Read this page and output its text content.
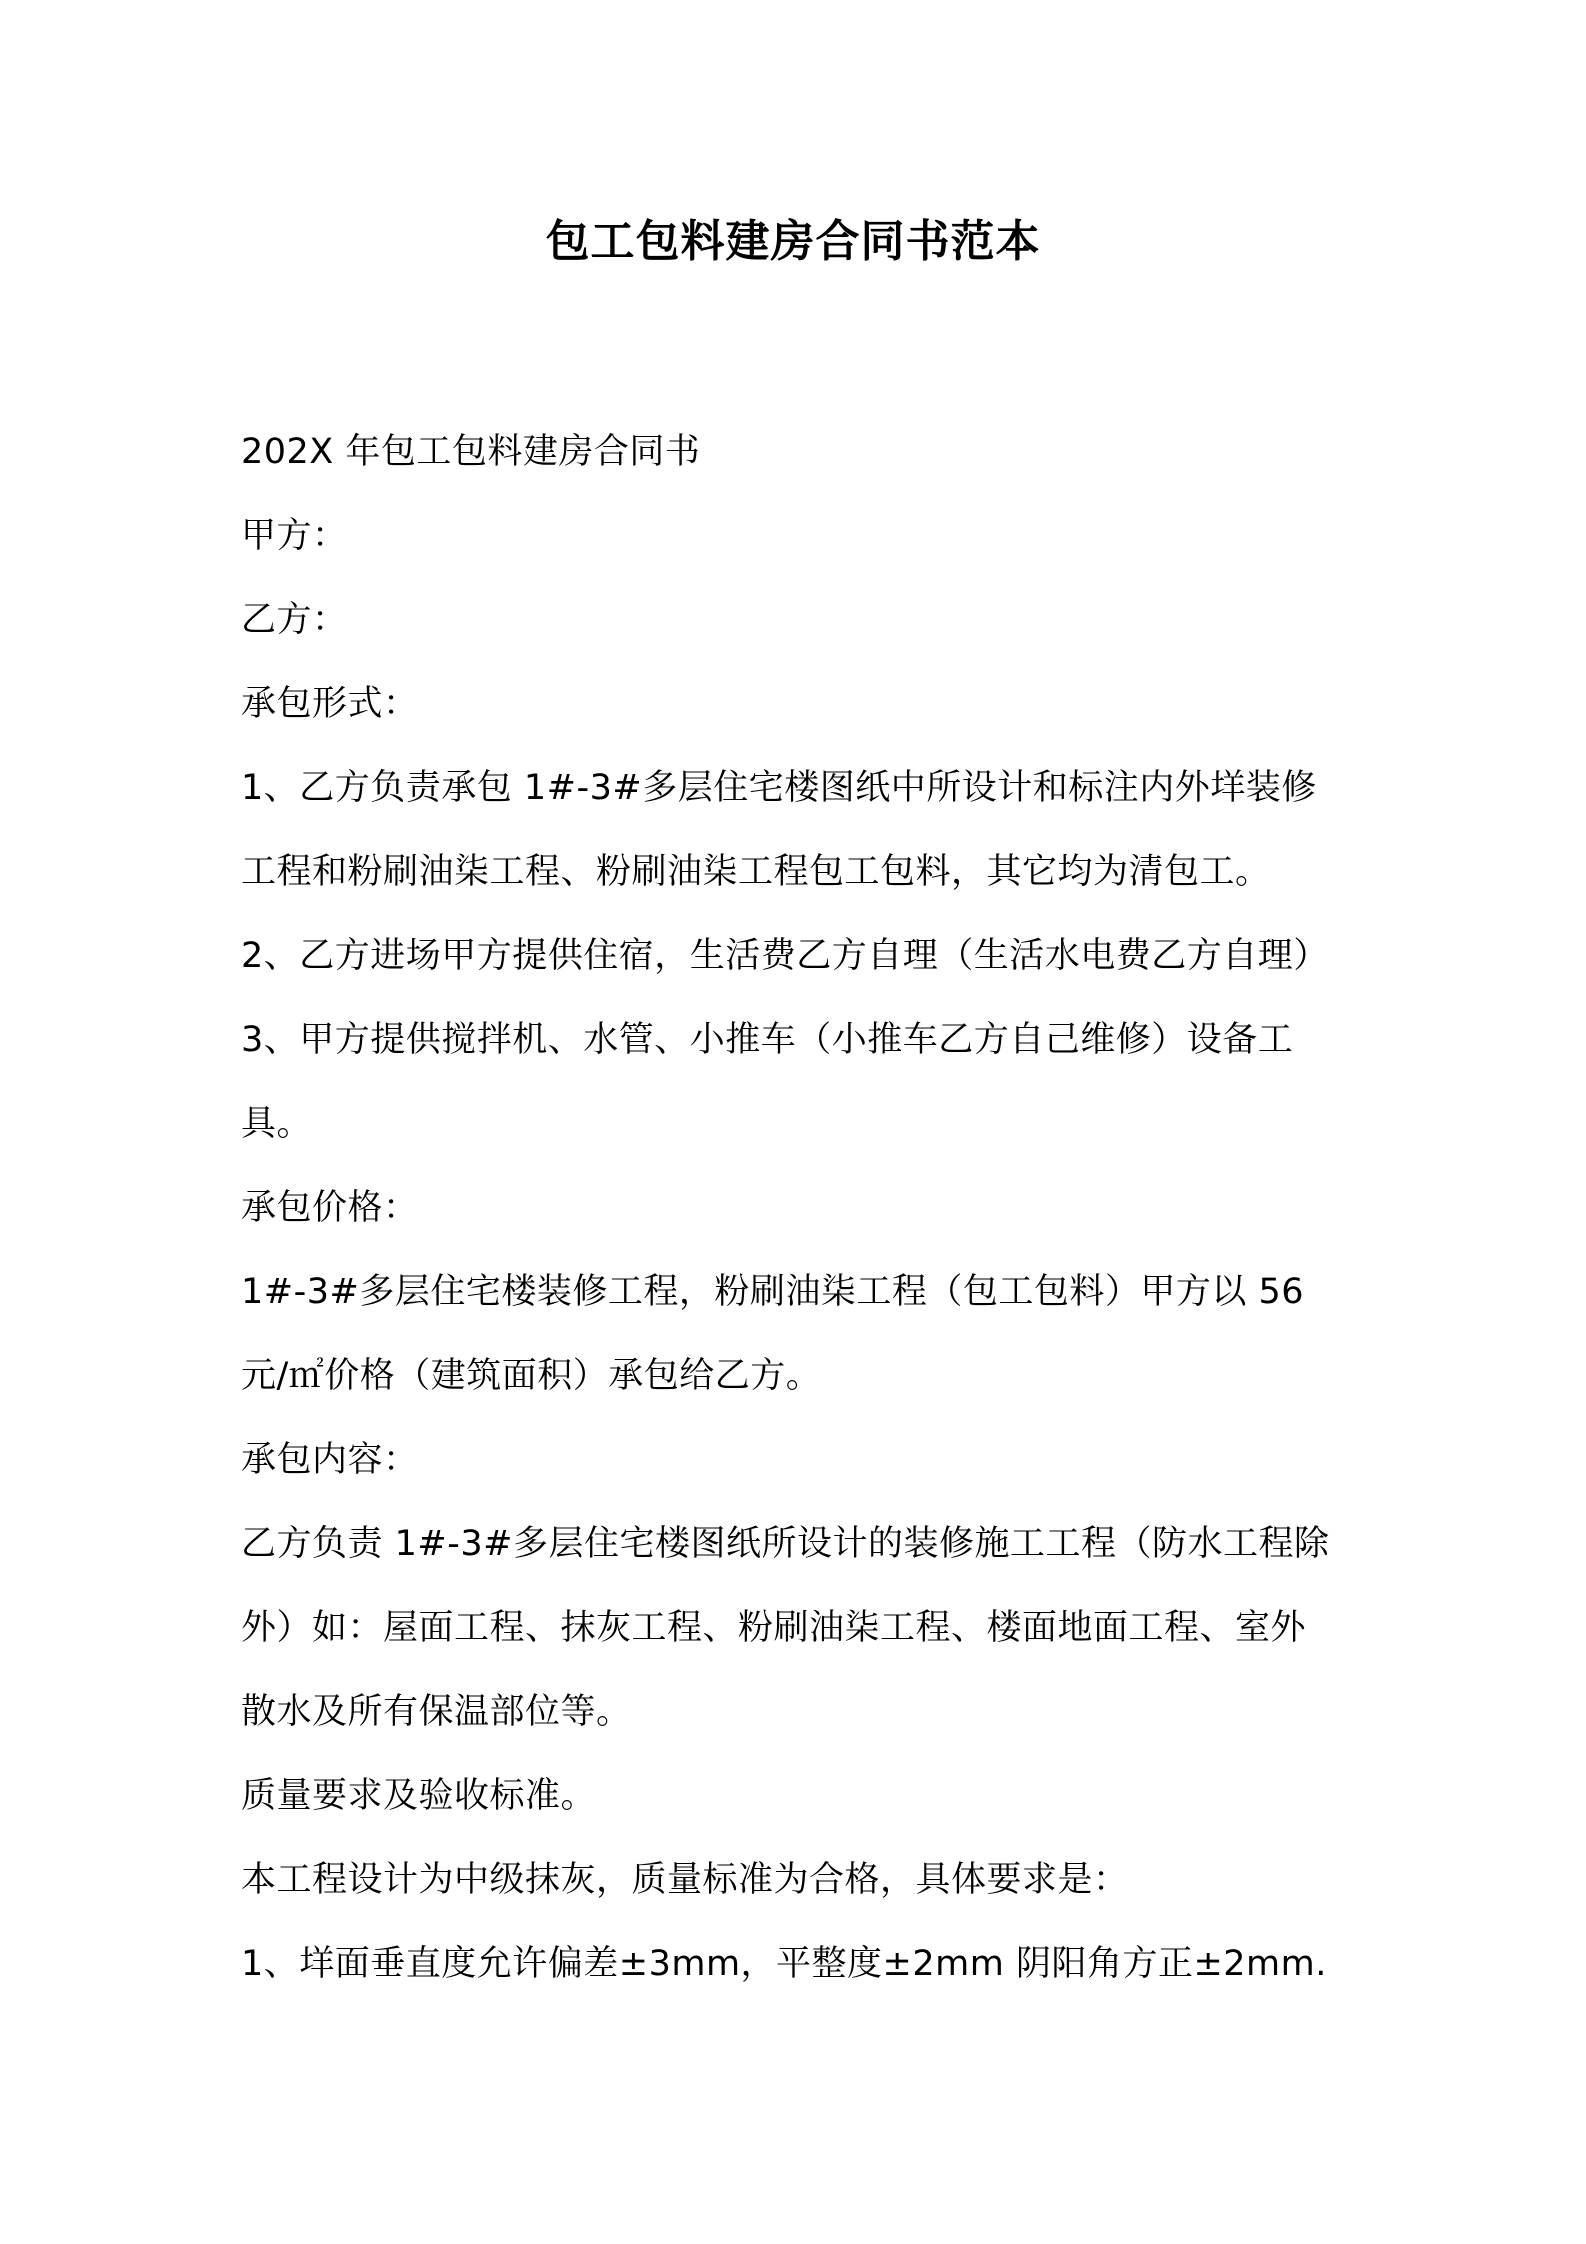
包工包料建房合同书范本
202X 年包工包料建房合同书
甲方：
乙方：
承包形式：
1、乙方负责承包 1#-3#多层住宅楼图纸中所设计和标注内外垟装修
工程和粉刷油柒工程、粉刷油柒工程包工包料，其它均为清包工。
2、乙方进场甲方提供住宿，生活费乙方自理（生活水电费乙方自理）
3、甲方提供搅拌机、水管、小推车（小推车乙方自己维修）设备工
具。
承包价格：
1#-3#多层住宅楼装修工程，粉刷油柒工程（包工包料）甲方以 56
元/㎡价格（建筑面积）承包给乙方。
承包内容：
乙方负责 1#-3#多层住宅楼图纸所设计的装修施工工程（防水工程除
外）如：屋面工程、抹灰工程、粉刷油柒工程、楼面地面工程、室外
散水及所有保温部位等。
质量要求及验收标准。
本工程设计为中级抹灰，质量标准为合格，具体要求是：
1、垟面垂直度允许偏差±3mm，平整度±2mm 阴阳角方正±2mm.
